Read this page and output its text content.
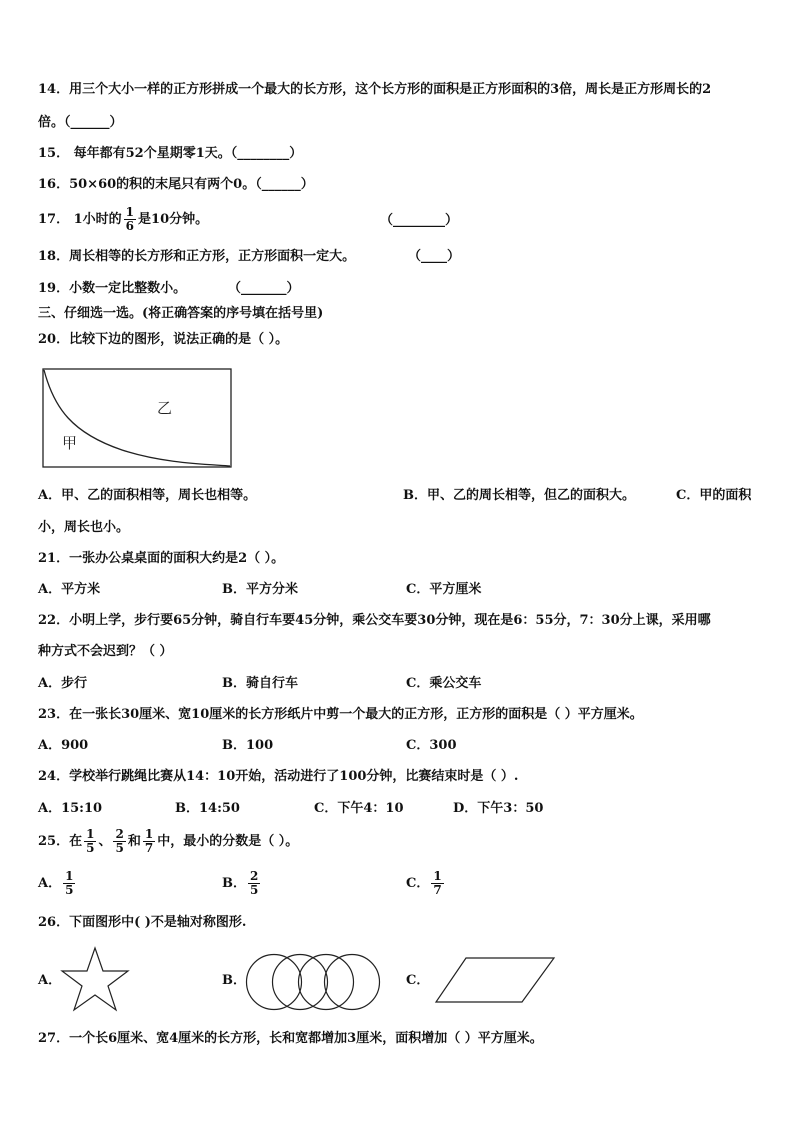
14．用三个大小一样的正方形拼成一个最大的长方形，这个长方形的面积是正方形面积的3倍，周长是正方形周长的2
倍。（______）
15． 每年都有52个星期零1天。（________）
16．50×60的积的末尾只有两个0。（______）
17． 1小时的 $\frac{1}{6}$ 是10分钟。	（________）
18．周长相等的长方形和正方形，正方形面积一定大。	（____）
19．小数一定比整数小。	（_______）
三、仔细选一选。(将正确答案的序号填在括号里)
20．比较下边的图形，说法正确的是（ ）。
乙
甲
A．甲、乙的面积相等，周长也相等。	B．甲、乙的周长相等，但乙的面积大。	C．甲的面积
小，周长也小。
21．一张办公桌桌面的面积大约是2（ ）。
A．平方米	B．平方分米	C．平方厘米
22．小明上学，步行要65分钟，骑自行车要45分钟，乘公交车要30分钟，现在是6：55分，7：30分上课，采用哪
种方式不会迟到？（ ）
A．步行	B．骑自行车	C．乘公交车
23．在一张长30厘米、宽10厘米的长方形纸片中剪一个最大的正方形，正方形的面积是（ ）平方厘米。
A．900	B．100	C．300
24．学校举行跳绳比赛从14：10开始，活动进行了100分钟，比赛结束时是（ ）.
A．15:10	B．14:50	C．下午4：10	D．下午3：50
25．在 $\frac{1}{5}$ 、 $\frac{2}{5}$ 和 $\frac{1}{7}$ 中，最小的分数是（ ）。
A． $\frac{1}{5}$	B． $\frac{2}{5}$	C． $\frac{1}{7}$
26．下面图形中( )不是轴对称图形.
A．	B．	C．
27．一个长6厘米、宽4厘米的长方形，长和宽都增加3厘米，面积增加（ ）平方厘米。
